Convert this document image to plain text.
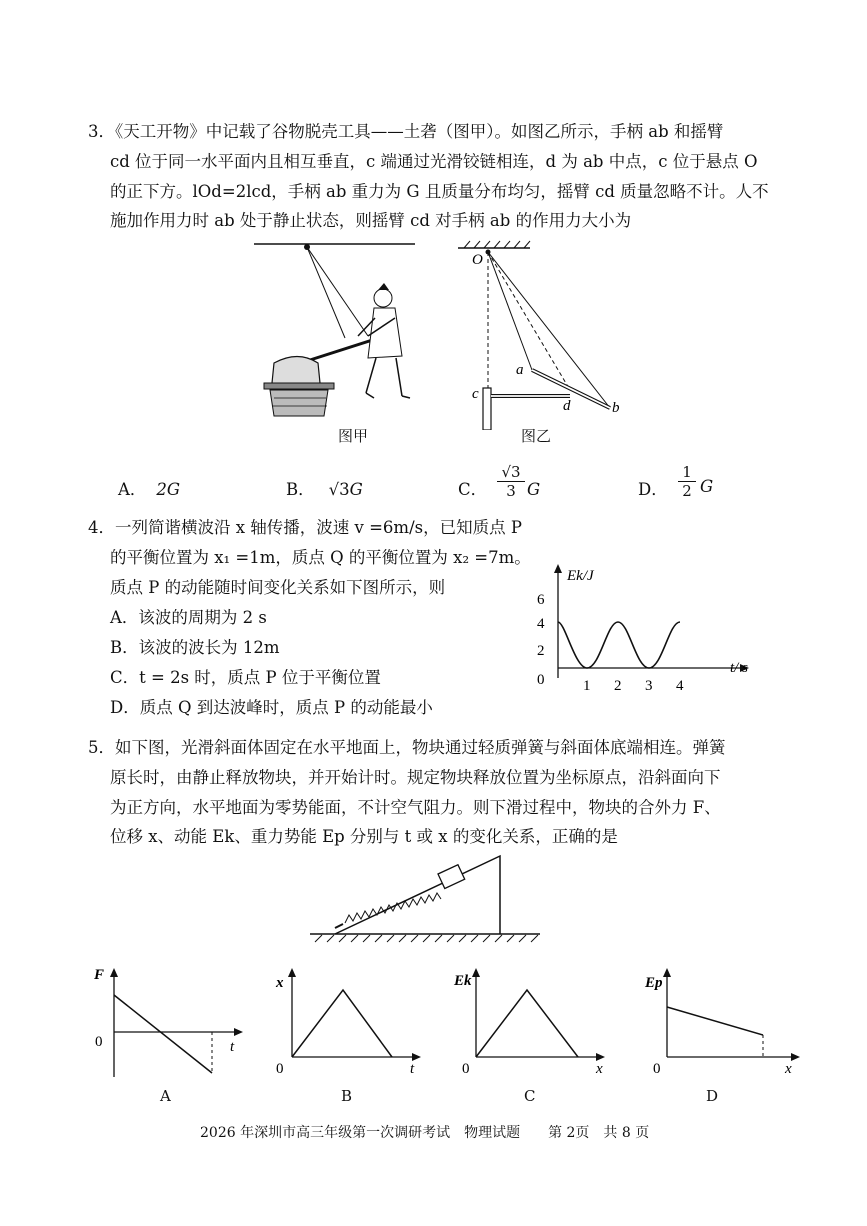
3．《天工开物》中记载了谷物脱壳工具——土砻（图甲）。如图乙所示，手柄 ab 和摇臂
cd 位于同一水平面内且相互垂直，c 端通过光滑铰链相连，d 为 ab 中点，c 位于悬点 O
的正下方。lOd=2lcd，手柄 ab 重力为 G 且质量分布均匀，摇臂 cd 质量忽略不计。人不
施加作用力时 ab 处于静止状态，则摇臂 cd 对手柄 ab 的作用力大小为
图甲
O
a
b
c
d
图乙
A． 2G	B． √3G	C．
√3
3 G	D．
1
2 G
4．一列简谐横波沿 x 轴传播，波速 v =6m/s，已知质点 P
的平衡位置为 x₁ =1m，质点 Q 的平衡位置为 x₂ =7m。
质点 P 的动能随时间变化关系如下图所示，则
A．该波的周期为 2 s
B．该波的波长为 12m
C．t = 2s 时，质点 P 位于平衡位置
D．质点 Q 到达波峰时，质点 P 的动能最小
Ek/J
t/ s
6
4
2
0	1 2 3 4
5．如下图，光滑斜面体固定在水平地面上，物块通过轻质弹簧与斜面体底端相连。弹簧
原长时，由静止释放物块，并开始计时。规定物块释放位置为坐标原点，沿斜面向下
为正方向，水平地面为零势能面，不计空气阻力。则下滑过程中，物块的合外力 F、
位移 x、动能 Ek、重力势能 Ep 分别与 t 或 x 的变化关系，正确的是
F
t
0
A
x
t
0
B
Ek
x
0
C
Ep
x
0
D
2026 年深圳市高三年级第一次调研考试　物理试题　　第 2页　共 8 页
